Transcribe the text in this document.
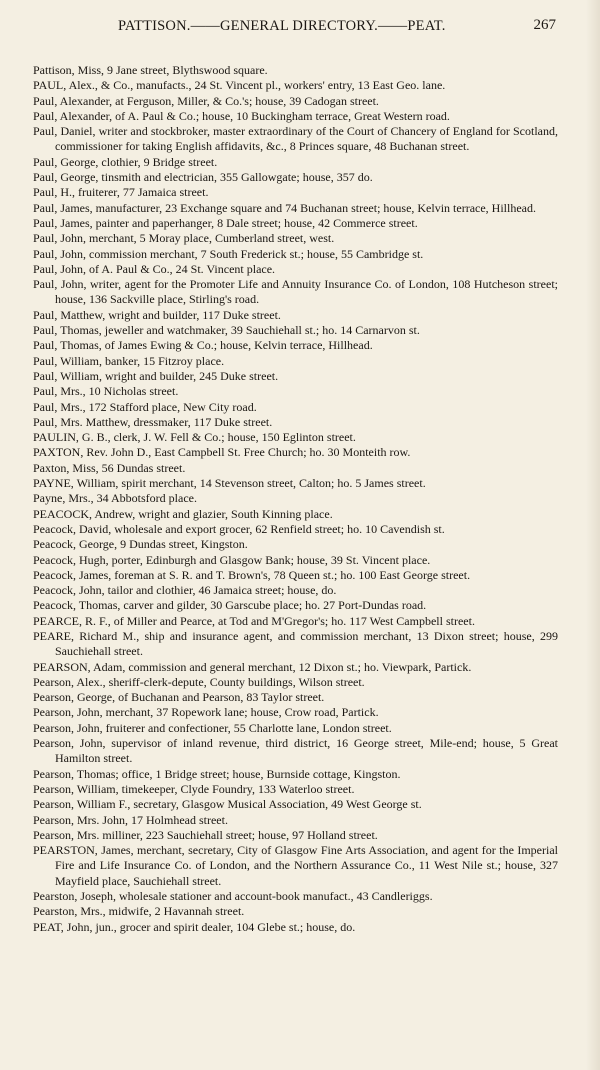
PATTISON.——GENERAL DIRECTORY.——PEAT.	267

Pattison, Miss, 9 Jane street, Blythswood square.

PAUL, Alex., & Co., manufacts., 24 St. Vincent pl., workers' entry, 13 East Geo. lane.

Paul, Alexander, at Ferguson, Miller, & Co.'s; house, 39 Cadogan street.

Paul, Alexander, of A. Paul & Co.; house, 10 Buckingham terrace, Great Western road.

Paul, Daniel, writer and stockbroker, master extraordinary of the Court of Chancery of England for Scotland, commissioner for taking English affidavits, &c., 8 Princes square, 48 Buchanan street.

Paul, George, clothier, 9 Bridge street.

Paul, George, tinsmith and electrician, 355 Gallowgate; house, 357 do.

Paul, H., fruiterer, 77 Jamaica street.

Paul, James, manufacturer, 23 Exchange square and 74 Buchanan street; house, Kelvin terrace, Hillhead.

Paul, James, painter and paperhanger, 8 Dale street; house, 42 Commerce street.

Paul, John, merchant, 5 Moray place, Cumberland street, west.

Paul, John, commission merchant, 7 South Frederick st.; house, 55 Cambridge st.

Paul, John, of A. Paul & Co., 24 St. Vincent place.

Paul, John, writer, agent for the Promoter Life and Annuity Insurance Co. of London, 108 Hutcheson street; house, 136 Sackville place, Stirling's road.

Paul, Matthew, wright and builder, 117 Duke street.

Paul, Thomas, jeweller and watchmaker, 39 Sauchiehall st.; ho. 14 Carnarvon st.

Paul, Thomas, of James Ewing & Co.; house, Kelvin terrace, Hillhead.

Paul, William, banker, 15 Fitzroy place.

Paul, William, wright and builder, 245 Duke street.

Paul, Mrs., 10 Nicholas street.

Paul, Mrs., 172 Stafford place, New City road.

Paul, Mrs. Matthew, dressmaker, 117 Duke street.

PAULIN, G. B., clerk, J. W. Fell & Co.; house, 150 Eglinton street.

PAXTON, Rev. John D., East Campbell St. Free Church; ho. 30 Monteith row.

Paxton, Miss, 56 Dundas street.

PAYNE, William, spirit merchant, 14 Stevenson street, Calton; ho. 5 James street.

Payne, Mrs., 34 Abbotsford place.

PEACOCK, Andrew, wright and glazier, South Kinning place.

Peacock, David, wholesale and export grocer, 62 Renfield street; ho. 10 Cavendish st.

Peacock, George, 9 Dundas street, Kingston.

Peacock, Hugh, porter, Edinburgh and Glasgow Bank; house, 39 St. Vincent place.

Peacock, James, foreman at S. R. and T. Brown's, 78 Queen st.; ho. 100 East George street.

Peacock, John, tailor and clothier, 46 Jamaica street; house, do.

Peacock, Thomas, carver and gilder, 30 Garscube place; ho. 27 Port-Dundas road.

PEARCE, R. F., of Miller and Pearce, at Tod and M'Gregor's; ho. 117 West Campbell street.

PEARE, Richard M., ship and insurance agent, and commission merchant, 13 Dixon street; house, 299 Sauchiehall street.

PEARSON, Adam, commission and general merchant, 12 Dixon st.; ho. Viewpark, Partick.

Pearson, Alex., sheriff-clerk-depute, County buildings, Wilson street.

Pearson, George, of Buchanan and Pearson, 83 Taylor street.

Pearson, John, merchant, 37 Ropework lane; house, Crow road, Partick.

Pearson, John, fruiterer and confectioner, 55 Charlotte lane, London street.

Pearson, John, supervisor of inland revenue, third district, 16 George street, Mile-end; house, 5 Great Hamilton street.

Pearson, Thomas; office, 1 Bridge street; house, Burnside cottage, Kingston.

Pearson, William, timekeeper, Clyde Foundry, 133 Waterloo street.

Pearson, William F., secretary, Glasgow Musical Association, 49 West George st.

Pearson, Mrs. John, 17 Holmhead street.

Pearson, Mrs. milliner, 223 Sauchiehall street; house, 97 Holland street.

PEARSTON, James, merchant, secretary, City of Glasgow Fine Arts Association, and agent for the Imperial Fire and Life Insurance Co. of London, and the Northern Assurance Co., 11 West Nile st.; house, 327 Mayfield place, Sauchiehall street.

Pearston, Joseph, wholesale stationer and account-book manufact., 43 Candleriggs.

Pearston, Mrs., midwife, 2 Havannah street.

PEAT, John, jun., grocer and spirit dealer, 104 Glebe st.; house, do.
